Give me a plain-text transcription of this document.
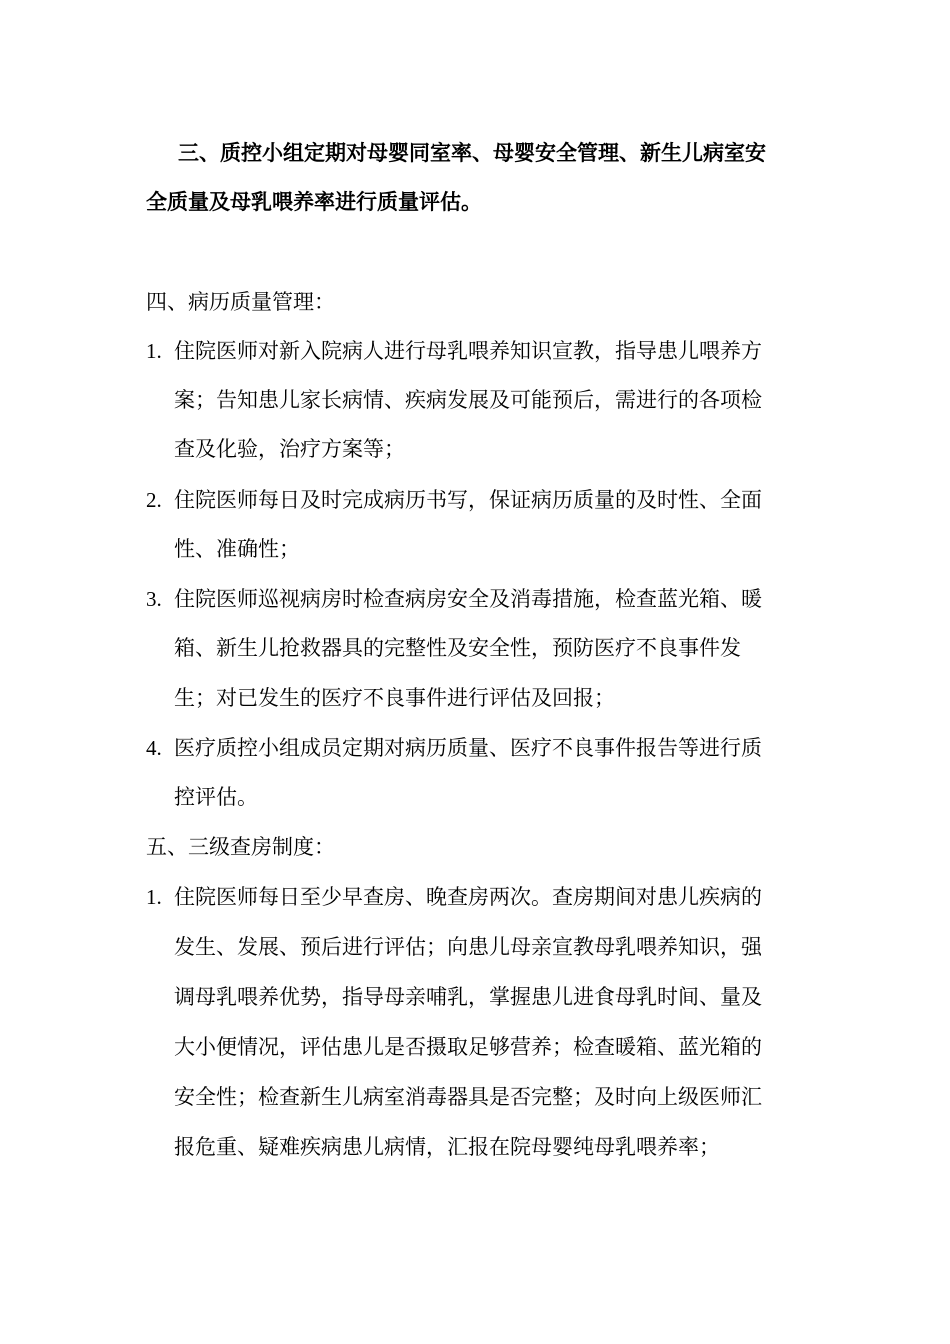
三、质控小组定期对母婴同室率、母婴安全管理、新生儿病室安
全质量及母乳喂养率进行质量评估。
四、病历质量管理：
1. 住院医师对新入院病人进行母乳喂养知识宣教，指导患儿喂养方
案；告知患儿家长病情、疾病发展及可能预后，需进行的各项检
查及化验，治疗方案等；
2. 住院医师每日及时完成病历书写，保证病历质量的及时性、全面
性、准确性；
3. 住院医师巡视病房时检查病房安全及消毒措施，检查蓝光箱、暖
箱、新生儿抢救器具的完整性及安全性，预防医疗不良事件发
生；对已发生的医疗不良事件进行评估及回报；
4. 医疗质控小组成员定期对病历质量、医疗不良事件报告等进行质
控评估。
五、三级查房制度：
1. 住院医师每日至少早查房、晚查房两次。查房期间对患儿疾病的
发生、发展、预后进行评估；向患儿母亲宣教母乳喂养知识，强
调母乳喂养优势，指导母亲哺乳，掌握患儿进食母乳时间、量及
大小便情况，评估患儿是否摄取足够营养；检查暖箱、蓝光箱的
安全性；检查新生儿病室消毒器具是否完整；及时向上级医师汇
报危重、疑难疾病患儿病情，汇报在院母婴纯母乳喂养率；
